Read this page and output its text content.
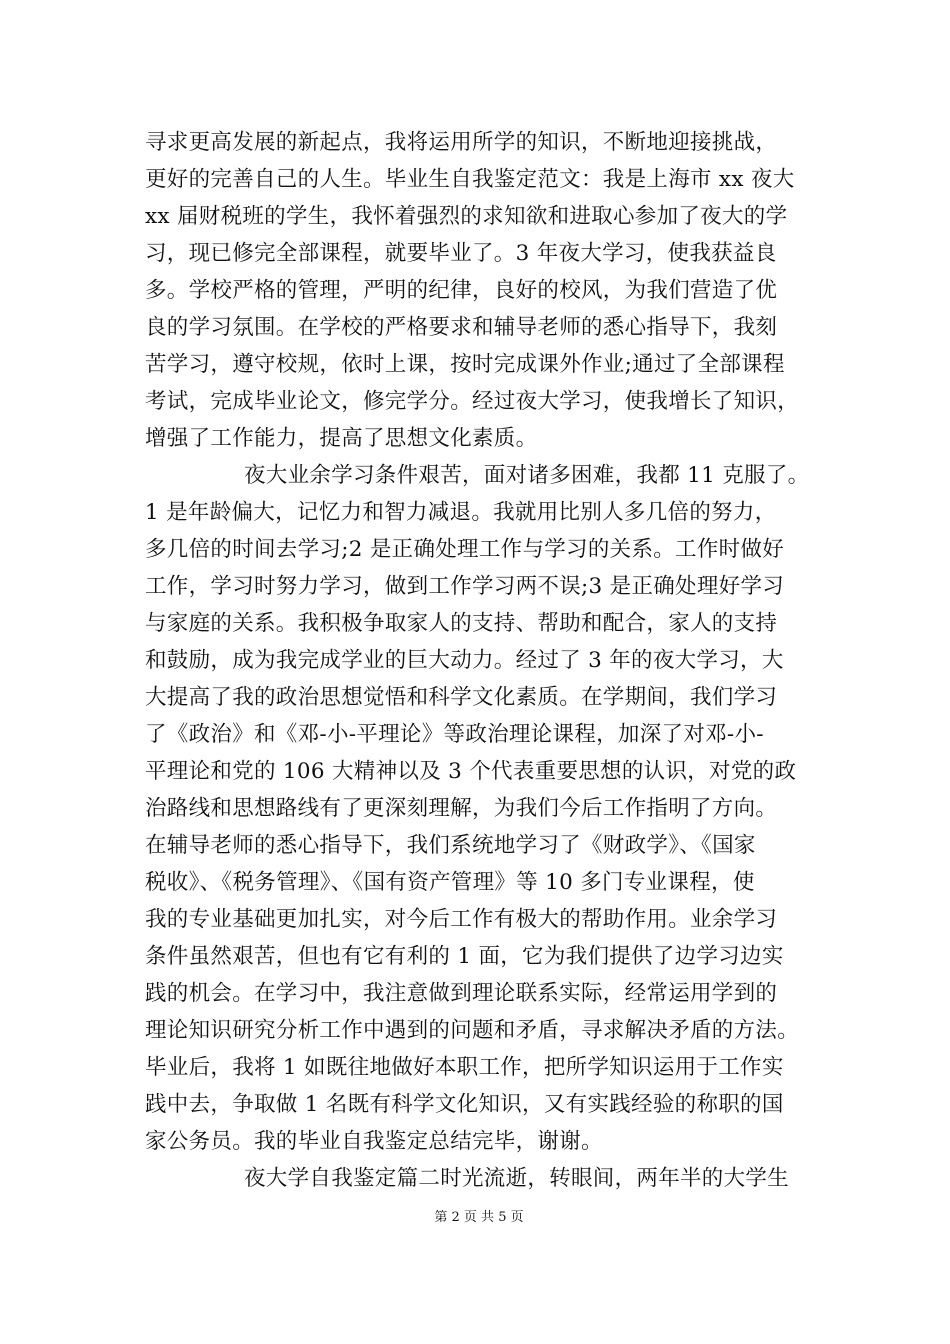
寻求更高发展的新起点，我将运用所学的知识，不断地迎接挑战，
更好的完善自己的人生。毕业生自我鉴定范文：我是上海市 xx 夜大
xx 届财税班的学生，我怀着强烈的求知欲和进取心参加了夜大的学
习，现已修完全部课程，就要毕业了。3 年夜大学习，使我获益良
多。学校严格的管理，严明的纪律，良好的校风，为我们营造了优
良的学习氛围。在学校的严格要求和辅导老师的悉心指导下，我刻
苦学习，遵守校规，依时上课，按时完成课外作业;通过了全部课程
考试，完成毕业论文，修完学分。经过夜大学习，使我增长了知识，
增强了工作能力，提高了思想文化素质。
夜大业余学习条件艰苦，面对诸多困难，我都 11 克服了。
1 是年龄偏大，记忆力和智力减退。我就用比别人多几倍的努力，
多几倍的时间去学习;2 是正确处理工作与学习的关系。工作时做好
工作，学习时努力学习，做到工作学习两不误;3 是正确处理好学习
与家庭的关系。我积极争取家人的支持、帮助和配合，家人的支持
和鼓励，成为我完成学业的巨大动力。经过了 3 年的夜大学习，大
大提高了我的政治思想觉悟和科学文化素质。在学期间，我们学习
了《政治》和《邓-小-平理论》等政治理论课程，加深了对邓-小-
平理论和党的 106 大精神以及 3 个代表重要思想的认识，对党的政
治路线和思想路线有了更深刻理解，为我们今后工作指明了方向。
在辅导老师的悉心指导下，我们系统地学习了《财政学》、《国家
税收》、《税务管理》、《国有资产管理》等 10 多门专业课程，使
我的专业基础更加扎实，对今后工作有极大的帮助作用。业余学习
条件虽然艰苦，但也有它有利的 1 面，它为我们提供了边学习边实
践的机会。在学习中，我注意做到理论联系实际，经常运用学到的
理论知识研究分析工作中遇到的问题和矛盾，寻求解决矛盾的方法。
毕业后，我将 1 如既往地做好本职工作，把所学知识运用于工作实
践中去，争取做 1 名既有科学文化知识，又有实践经验的称职的国
家公务员。我的毕业自我鉴定总结完毕，谢谢。
夜大学自我鉴定篇二时光流逝，转眼间，两年半的大学生
第 2 页 共 5 页
